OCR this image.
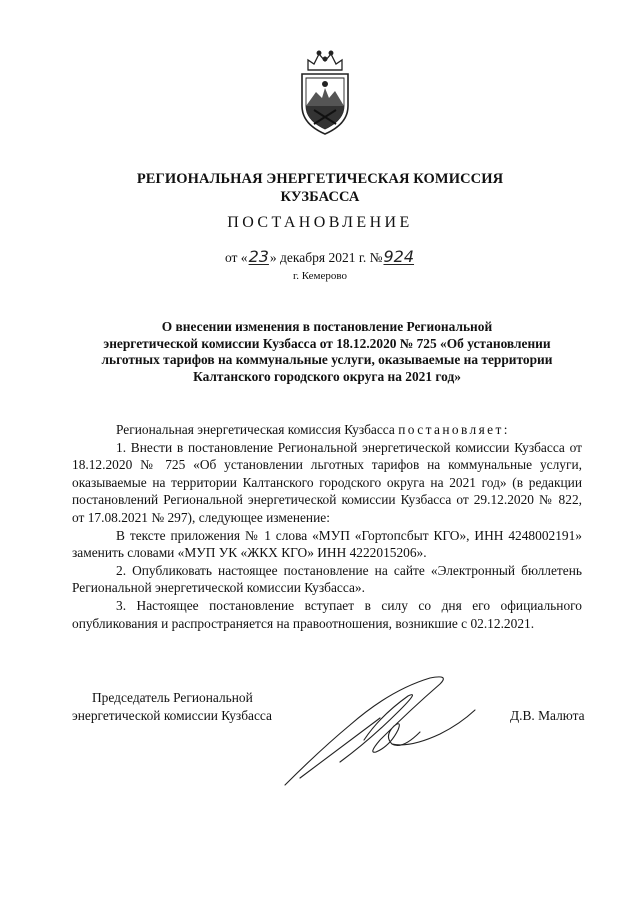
РЕГИОНАЛЬНАЯ ЭНЕРГЕТИЧЕСКАЯ КОМИССИЯ
КУЗБАССА
ПОСТАНОВЛЕНИЕ
от «23» декабря 2021 г. №924
г. Кемерово
О внесении изменения в постановление Региональной
энергетической комиссии Кузбасса от 18.12.2020 № 725 «Об установлении
льготных тарифов на коммунальные услуги, оказываемые на территории
Калтанского городского округа на 2021 год»

Региональная энергетическая комиссия Кузбасса постановляет:

1. Внести в постановление Региональной энергетической комиссии Кузбасса от 18.12.2020 № 725 «Об установлении льготных тарифов на коммунальные услуги, оказываемые на территории Калтанского городского округа на 2021 год» (в редакции постановлений Региональной энергетической комиссии Кузбасса от 29.12.2020 № 822, от 17.08.2021 № 297), следующее изменение:

В тексте приложения № 1 слова «МУП «Гортопсбыт КГО», ИНН 4248002191» заменить словами «МУП УК «ЖКХ КГО» ИНН 4222015206».

2. Опубликовать настоящее постановление на сайте «Электронный бюллетень Региональной энергетической комиссии Кузбасса».

3. Настоящее постановление вступает в силу со дня его официального опубликования и распространяется на правоотношения, возникшие с 02.12.2021.

Председатель Региональной
энергетической комиссии Кузбасса	Д.В. Малюта
